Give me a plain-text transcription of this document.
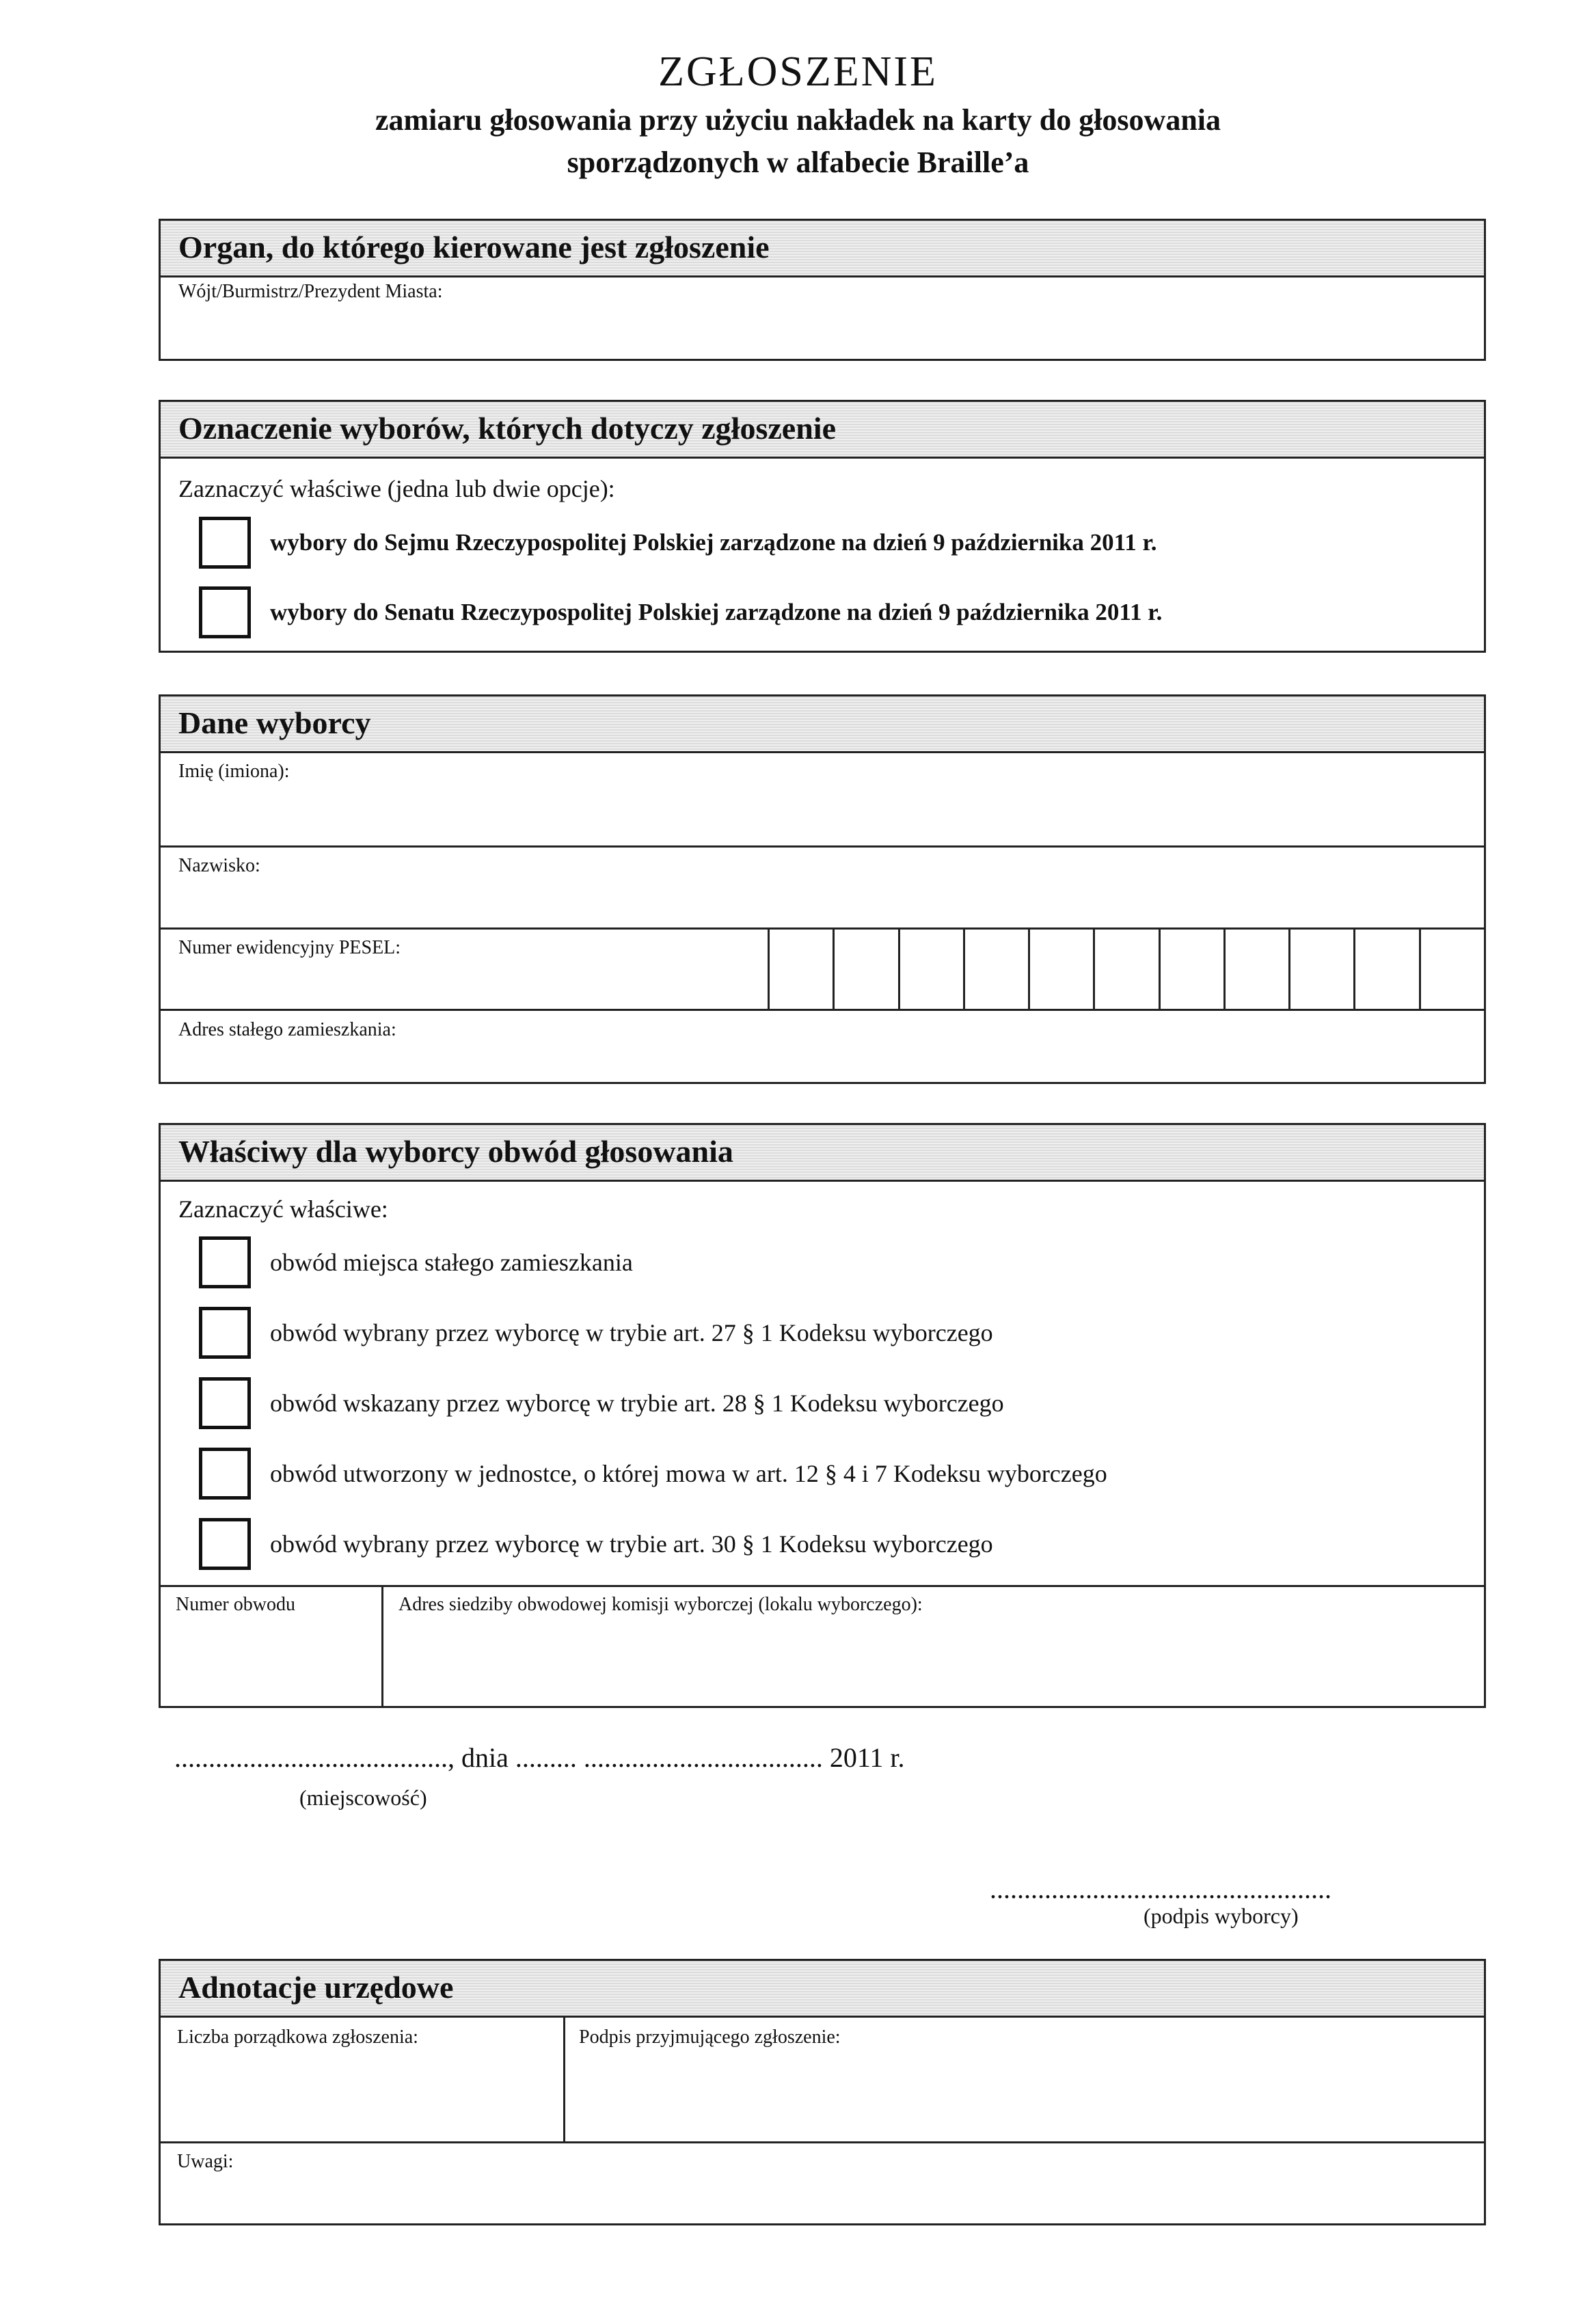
ZGŁOSZENIE
zamiaru głosowania przy użyciu nakładek na karty do głosowania
sporządzonych w alfabecie Braille’a
Organ, do którego kierowane jest zgłoszenie
Wójt/Burmistrz/Prezydent Miasta:
Oznaczenie wyborów, których dotyczy zgłoszenie
Zaznaczyć właściwe (jedna lub dwie opcje):
wybory do Sejmu Rzeczypospolitej Polskiej zarządzone na dzień 9 października 2011 r.
wybory do Senatu Rzeczypospolitej Polskiej zarządzone na dzień 9 października 2011 r.
Dane wyborcy
Imię (imiona):
Nazwisko:
Numer ewidencyjny PESEL:
Adres stałego zamieszkania:
Właściwy dla wyborcy obwód głosowania
Zaznaczyć właściwe:
obwód miejsca stałego zamieszkania
obwód wybrany przez wyborcę w trybie art. 27 § 1 Kodeksu wyborczego
obwód wskazany przez wyborcę w trybie art. 28 § 1 Kodeksu wyborczego
obwód utworzony w jednostce, o której mowa w art. 12 § 4 i 7 Kodeksu wyborczego
obwód wybrany przez wyborcę w trybie art. 30 § 1 Kodeksu wyborczego
Numer obwodu	Adres siedziby obwodowej komisji wyborczej (lokalu wyborczego):
........................................, dnia ......... ................................... 2011 r.
(miejscowość)
..................................................
(podpis wyborcy)
Adnotacje urzędowe
Liczba porządkowa zgłoszenia:	Podpis przyjmującego zgłoszenie:
Uwagi:
